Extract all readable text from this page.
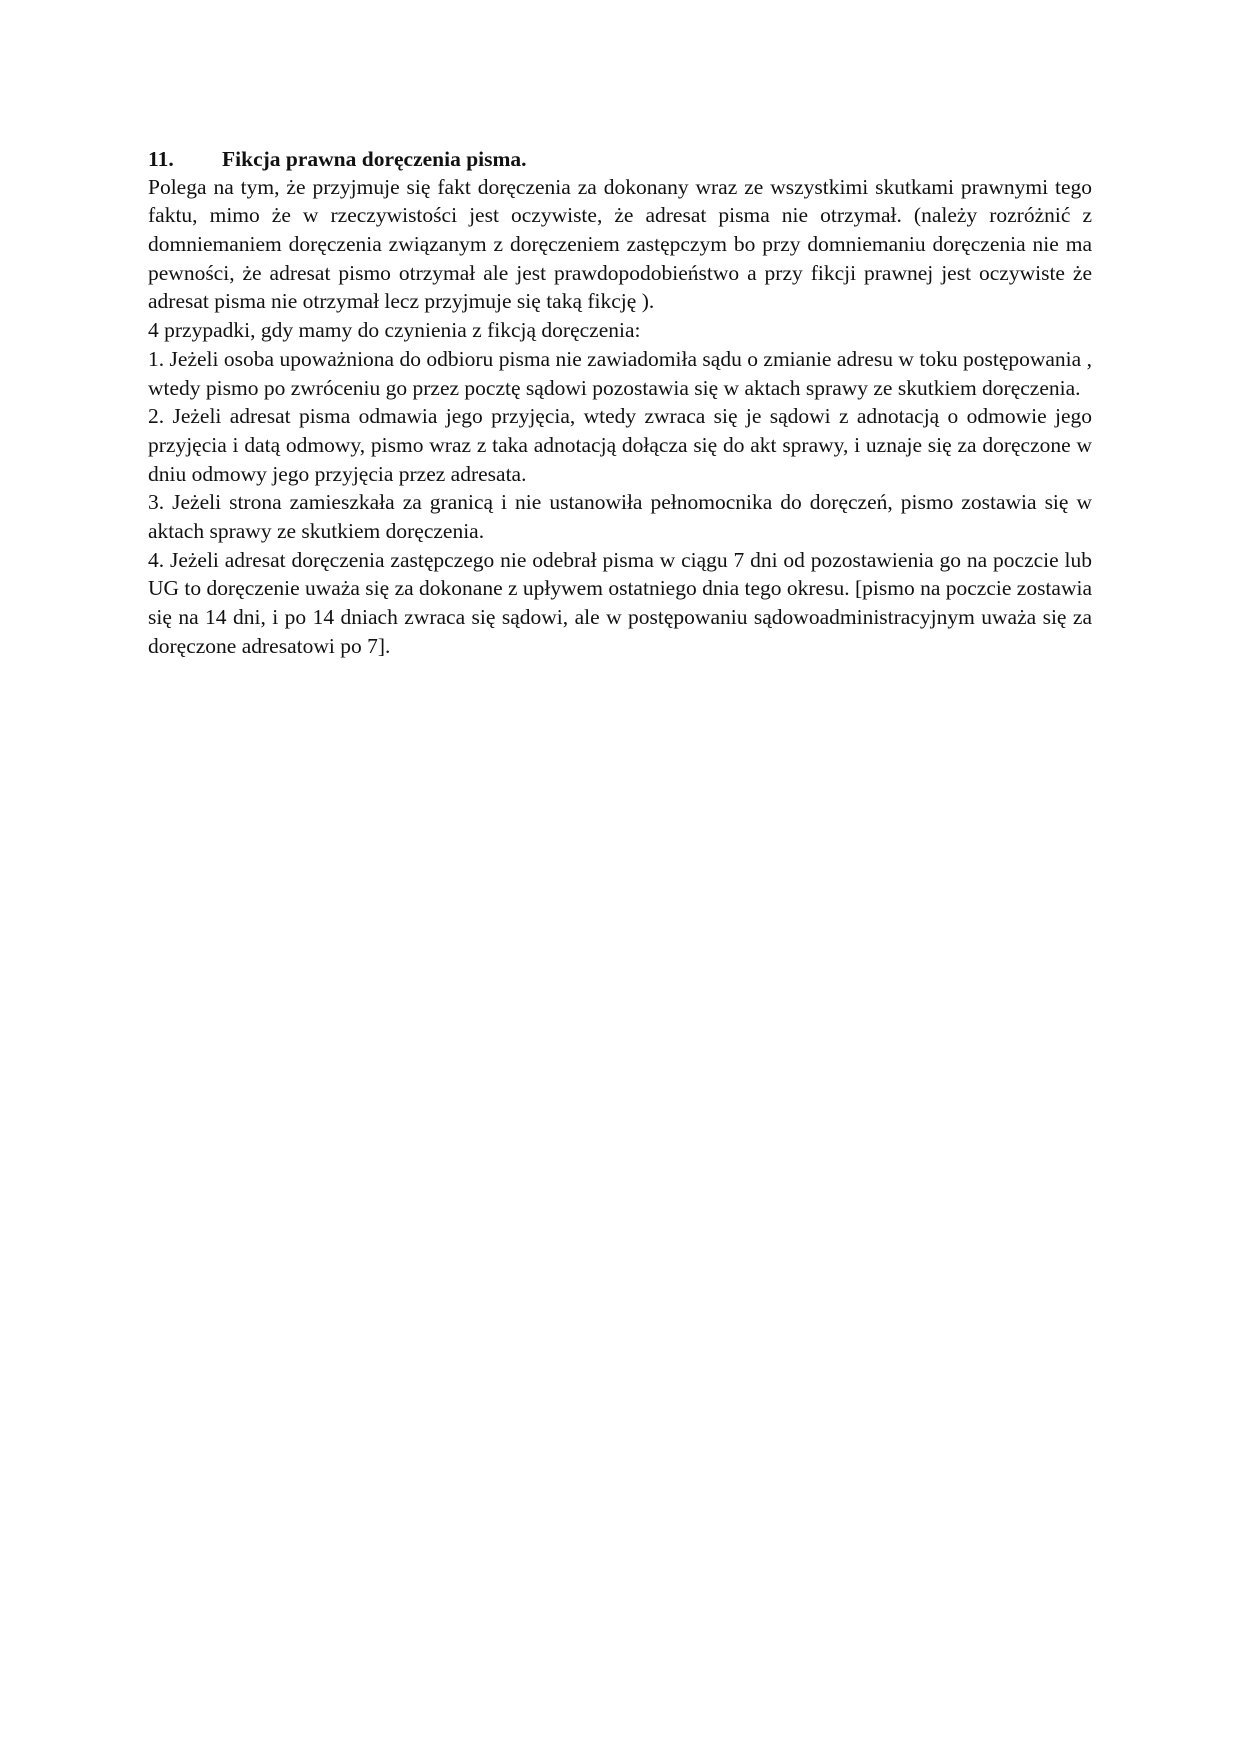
11. Fikcja prawna doręczenia pisma.

Polega na tym, że przyjmuje się fakt doręczenia za dokonany wraz ze wszystkimi skutkami prawnymi tego faktu, mimo że w rzeczywistości jest oczywiste, że adresat pisma nie otrzymał. (należy rozróżnić z domniemaniem doręczenia związanym z doręczeniem zastępczym bo przy domniemaniu doręczenia nie ma pewności, że adresat pismo otrzymał ale jest prawdopodobieństwo a przy fikcji prawnej jest oczywiste że adresat pisma nie otrzymał lecz przyjmuje się taką fikcję ).

4 przypadki, gdy mamy do czynienia z fikcją doręczenia:

1. Jeżeli osoba upoważniona do odbioru pisma nie zawiadomiła sądu o zmianie adresu w toku postępowania , wtedy pismo po zwróceniu go przez pocztę sądowi pozostawia się w aktach sprawy ze skutkiem doręczenia.

2. Jeżeli adresat pisma odmawia jego przyjęcia, wtedy zwraca się je sądowi z adnotacją o odmowie jego przyjęcia i datą odmowy, pismo wraz z taka adnotacją dołącza się do akt sprawy, i uznaje się za doręczone w dniu odmowy jego przyjęcia przez adresata.

3. Jeżeli strona zamieszkała za granicą i nie ustanowiła pełnomocnika do doręczeń, pismo zostawia się w aktach sprawy ze skutkiem doręczenia.

4. Jeżeli adresat doręczenia zastępczego nie odebrał pisma w ciągu 7 dni od pozostawienia go na poczcie lub UG to doręczenie uważa się za dokonane z upływem ostatniego dnia tego okresu. [pismo na poczcie zostawia się na 14 dni, i po 14 dniach zwraca się sądowi, ale w postępowaniu sądowoadministracyjnym uważa się za doręczone adresatowi po 7].
